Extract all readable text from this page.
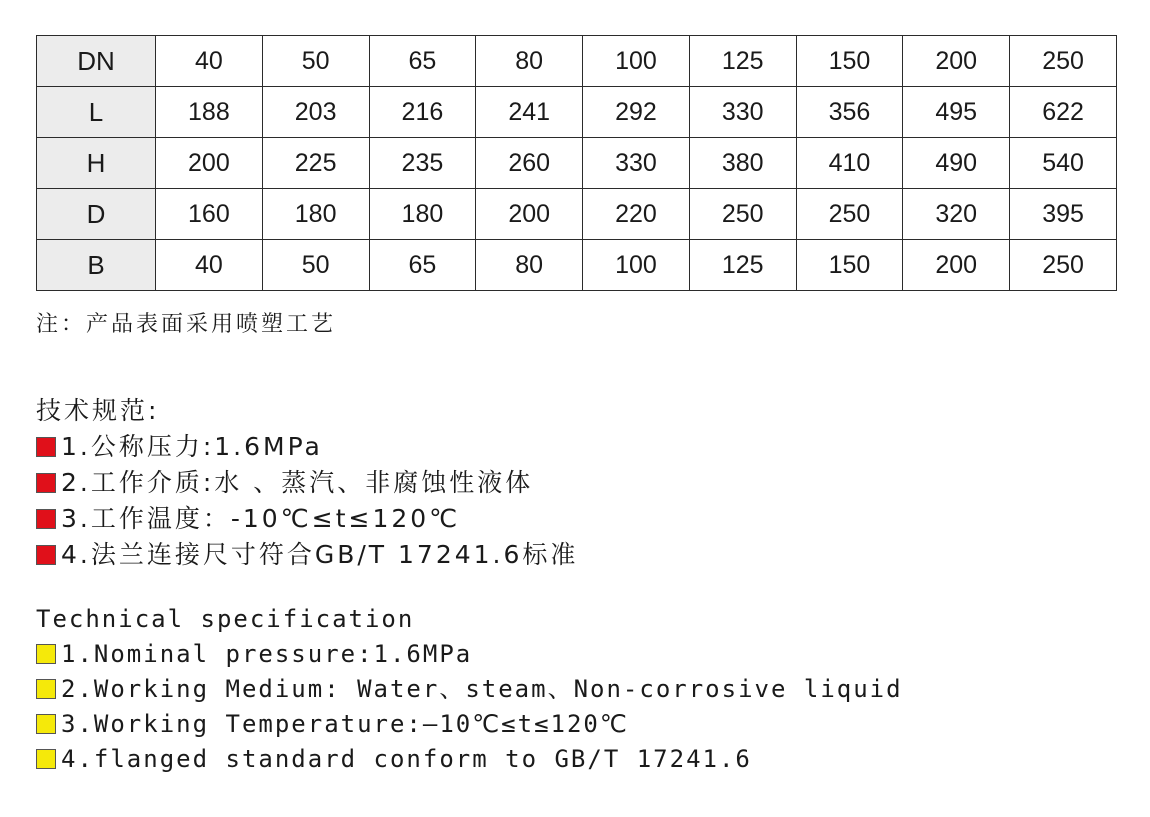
DN	40	50	65	80	100	125	150	200	250
L	188	203	216	241	292	330	356	495	622
H	200	225	235	260	330	380	410	490	540
D	160	180	180	200	220	250	250	320	395
B	40	50	65	80	100	125	150	200	250
注：产品表面采用喷塑工艺
技术规范:
1.公称压力:1.6MPa
2.工作介质:水 、蒸汽、非腐蚀性液体
3.工作温度：-10℃≤t≤120℃
4.法兰连接尺寸符合GB/T 17241.6标准
Technical specification
1.Nominal pressure:1.6MPa
2.Working Medium: Water、steam、Non-corrosive liquid
3.Working Temperature:—10℃≤t≤120℃
4.flanged standard conform to GB/T 17241.6
